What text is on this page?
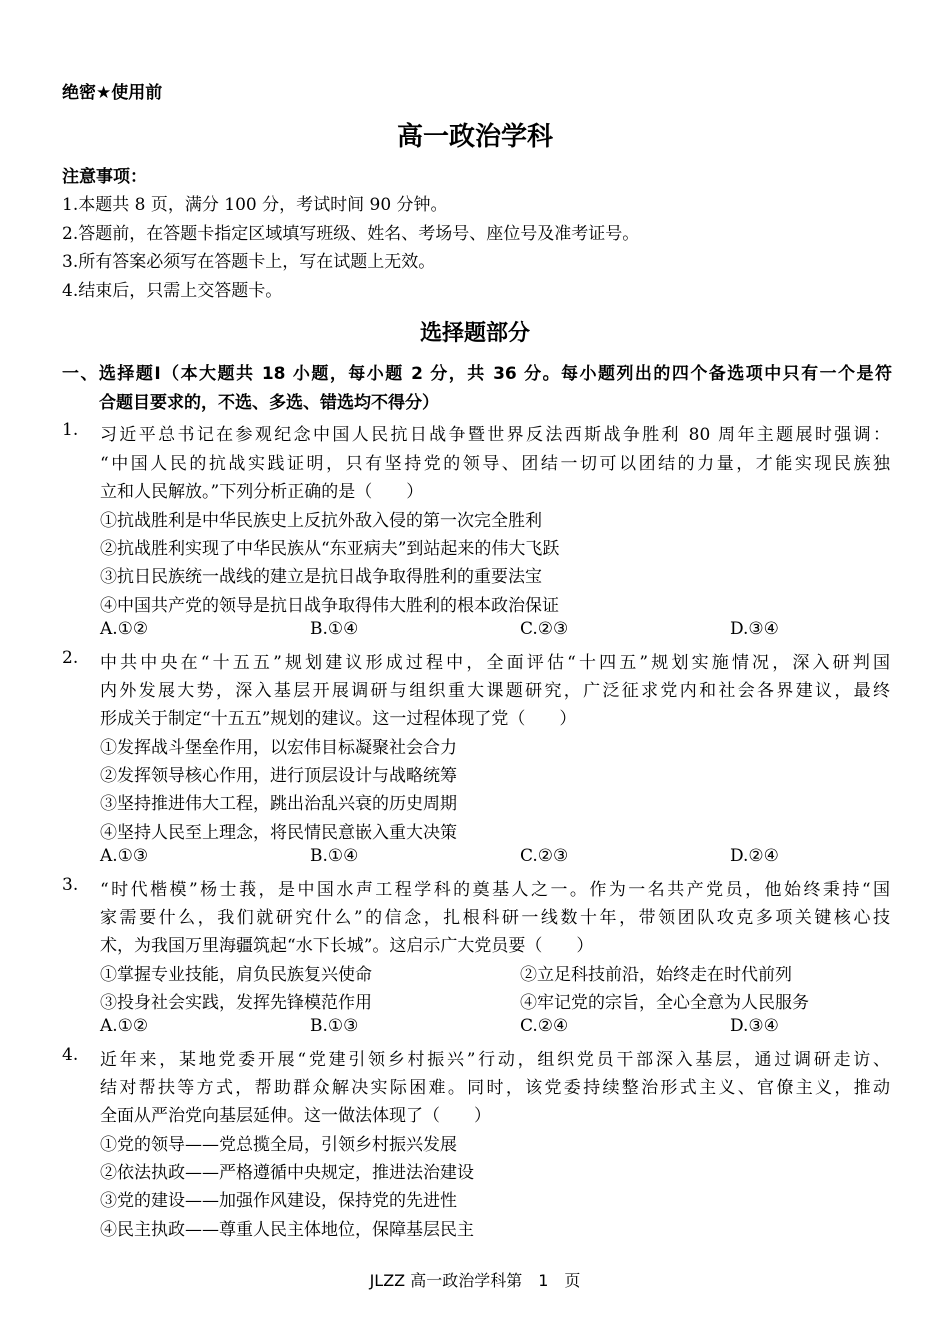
绝密★使用前
高一政治学科
注意事项：
1.本题共 8 页，满分 100 分，考试时间 90 分钟。
2.答题前，在答题卡指定区域填写班级、姓名、考场号、座位号及准考证号。
3.所有答案必须写在答题卡上，写在试题上无效。
4.结束后，只需上交答题卡。
选择题部分
一、选择题Ⅰ（本大题共 18 小题，每小题 2 分，共 36 分。每小题列出的四个备选项中只有一个是符
合题目要求的，不选、多选、错选均不得分）
1. 习近平总书记在参观纪念中国人民抗日战争暨世界反法西斯战争胜利 80 周年主题展时强调：
“中国人民的抗战实践证明，只有坚持党的领导、团结一切可以团结的力量，才能实现民族独
立和人民解放。”下列分析正确的是（　　）
①抗战胜利是中华民族史上反抗外敌入侵的第一次完全胜利
②抗战胜利实现了中华民族从“东亚病夫”到站起来的伟大飞跃
③抗日民族统一战线的建立是抗日战争取得胜利的重要法宝
④中国共产党的领导是抗日战争取得伟大胜利的根本政治保证
A.①②	B.①④	C.②③	D.③④
2. 中共中央在“十五五”规划建议形成过程中，全面评估“十四五”规划实施情况，深入研判国
内外发展大势，深入基层开展调研与组织重大课题研究，广泛征求党内和社会各界建议，最终
形成关于制定“十五五”规划的建议。这一过程体现了党（　　）
①发挥战斗堡垒作用，以宏伟目标凝聚社会合力
②发挥领导核心作用，进行顶层设计与战略统筹
③坚持推进伟大工程，跳出治乱兴衰的历史周期
④坚持人民至上理念，将民情民意嵌入重大决策
A.①③	B.①④	C.②③	D.②④
3. “时代楷模”杨士莪，是中国水声工程学科的奠基人之一。作为一名共产党员，他始终秉持“国
家需要什么，我们就研究什么”的信念，扎根科研一线数十年，带领团队攻克多项关键核心技
术，为我国万里海疆筑起“水下长城”。这启示广大党员要（　　）
①掌握专业技能，肩负民族复兴使命	②立足科技前沿，始终走在时代前列
③投身社会实践，发挥先锋模范作用	④牢记党的宗旨，全心全意为人民服务
A.①②	B.①③	C.②④	D.③④
4. 近年来，某地党委开展“党建引领乡村振兴”行动，组织党员干部深入基层，通过调研走访、
结对帮扶等方式，帮助群众解决实际困难。同时，该党委持续整治形式主义、官僚主义，推动
全面从严治党向基层延伸。这一做法体现了（　　）
①党的领导——党总揽全局，引领乡村振兴发展
②依法执政——严格遵循中央规定，推进法治建设
③党的建设——加强作风建设，保持党的先进性
④民主执政——尊重人民主体地位，保障基层民主
JLZZ 高一政治学科第　1　页
